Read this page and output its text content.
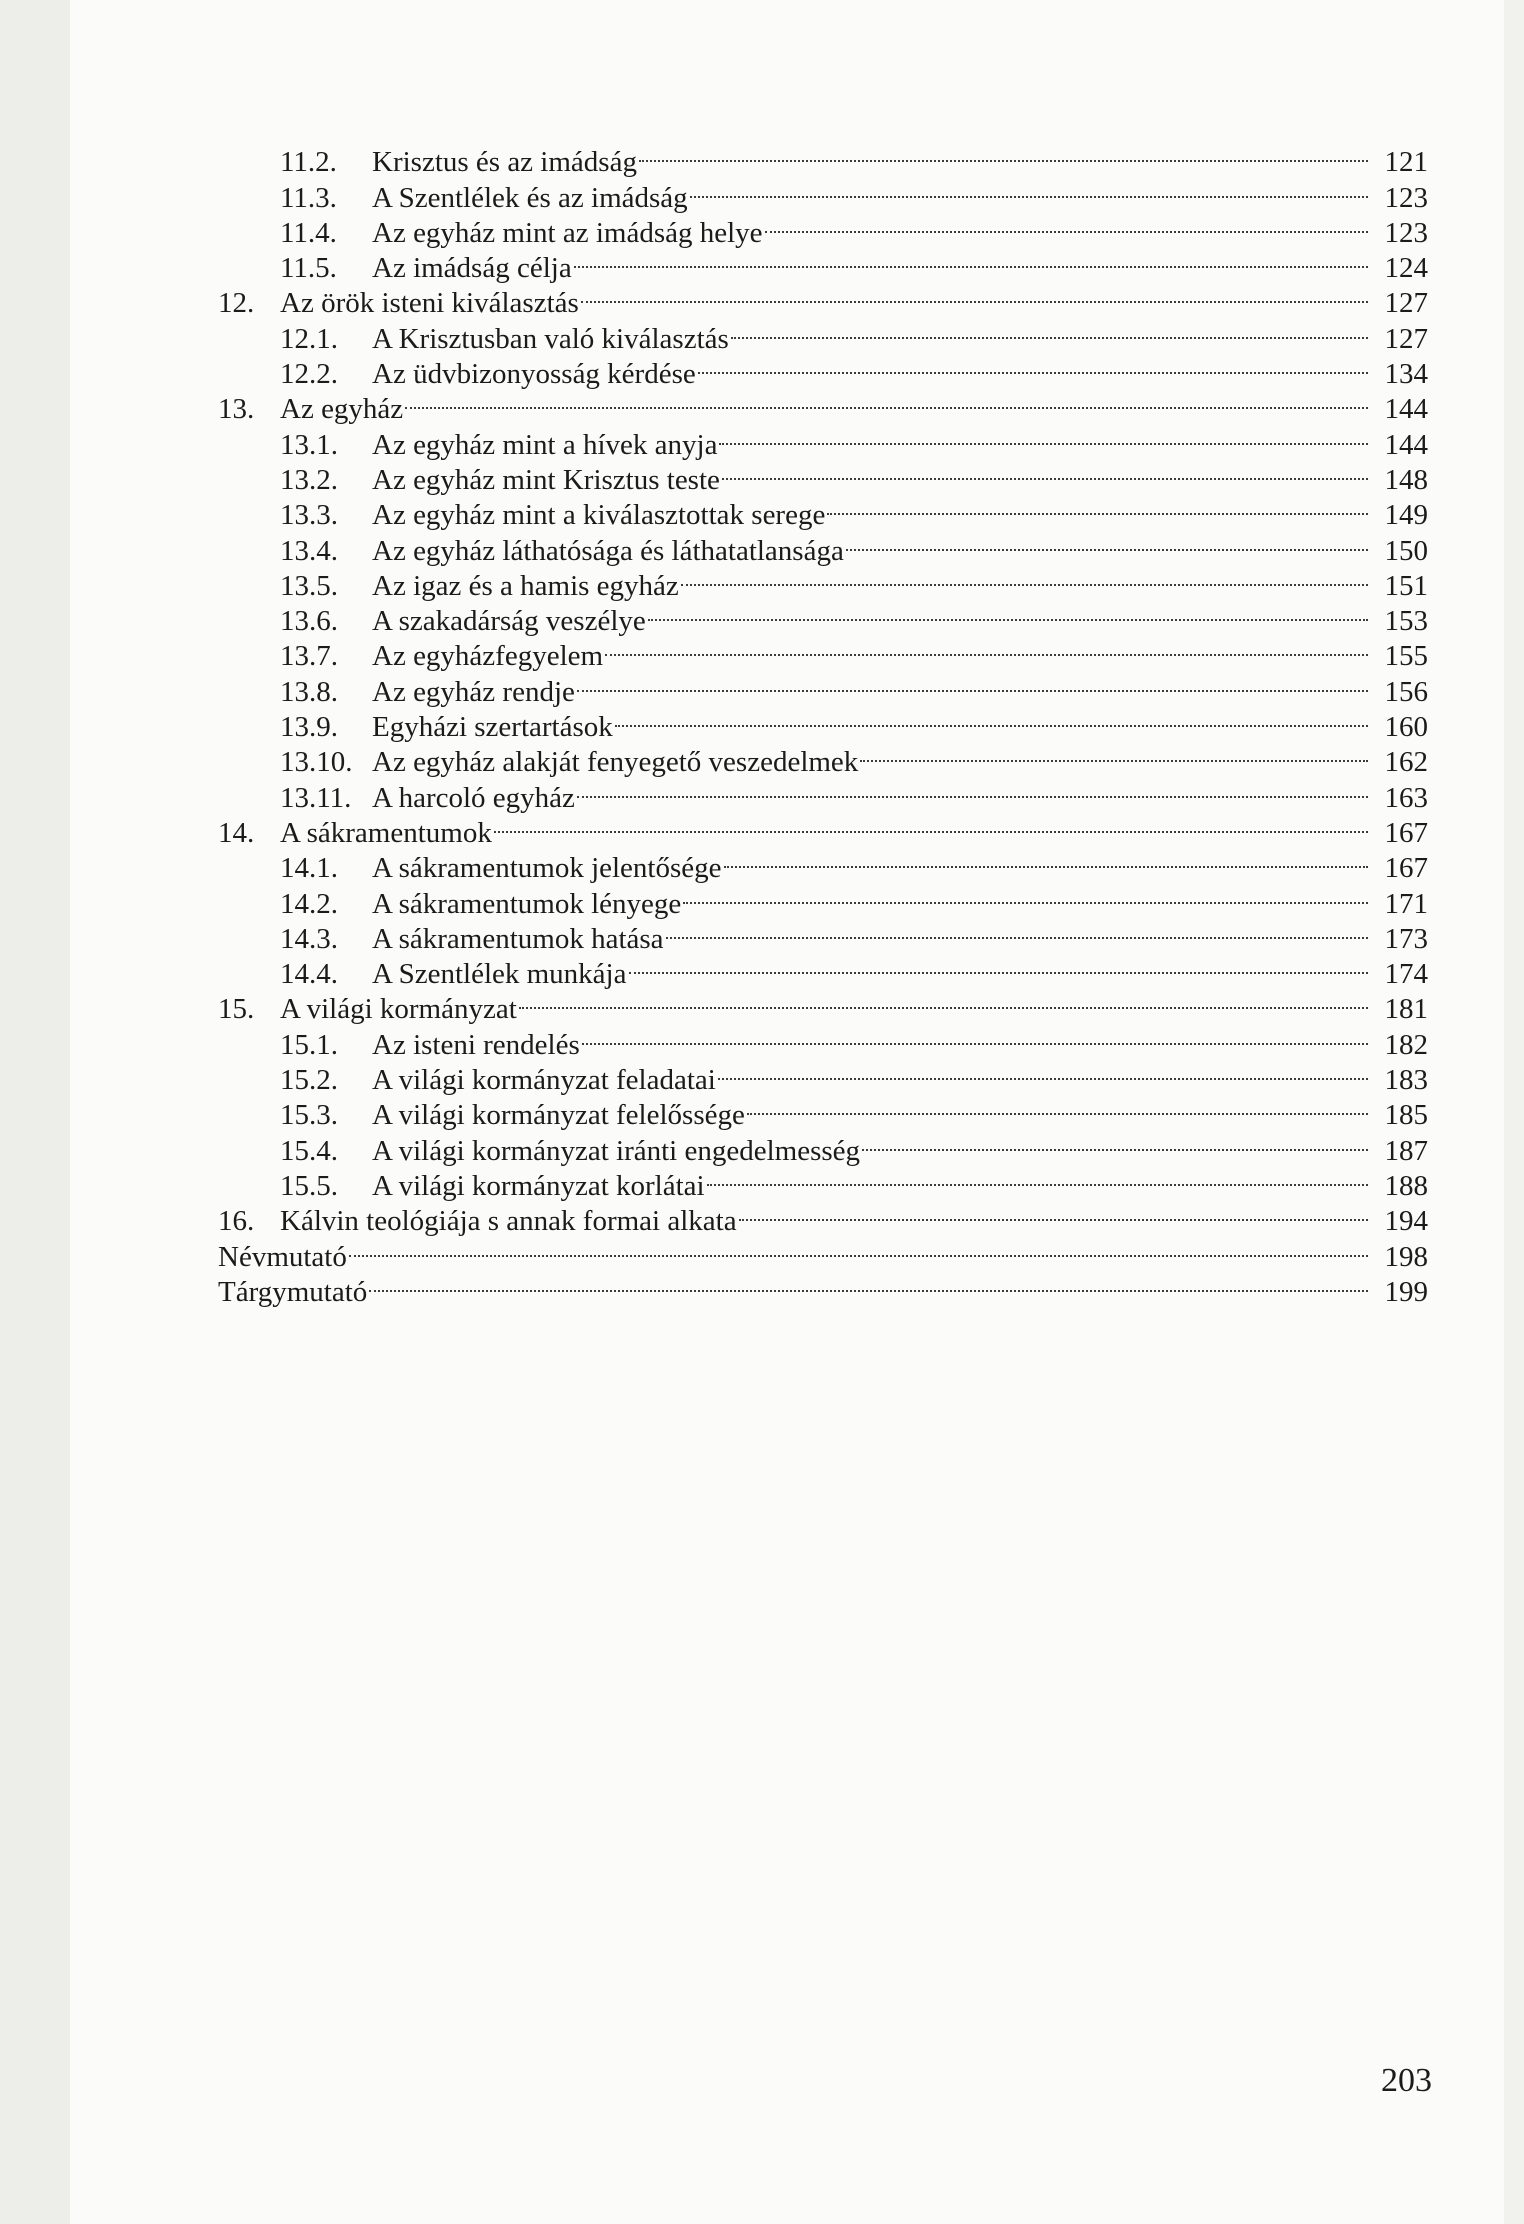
11.2.	Krisztus és az imádság	121
11.3.	A Szentlélek és az imádság	123
11.4.	Az egyház mint az imádság helye	123
11.5.	Az imádság célja	124
12. Az örök isteni kiválasztás	127
12.1.	A Krisztusban való kiválasztás	127
12.2.	Az üdvbizonyosság kérdése	134
13. Az egyház	144
13.1.	Az egyház mint a hívek anyja	144
13.2.	Az egyház mint Krisztus teste	148
13.3.	Az egyház mint a kiválasztottak serege	149
13.4.	Az egyház láthatósága és láthatatlansága	150
13.5.	Az igaz és a hamis egyház	151
13.6.	A szakadárság veszélye	153
13.7.	Az egyházfegyelem	155
13.8.	Az egyház rendje	156
13.9.	Egyházi szertartások	160
13.10. Az egyház alakját fenyegető veszedelmek	162
13.11. A harcoló egyház	163
14. A sákramentumok	167
14.1.	A sákramentumok jelentősége	167
14.2.	A sákramentumok lényege	171
14.3.	A sákramentumok hatása	173
14.4.	A Szentlélek munkája	174
15. A világi kormányzat	181
15.1.	Az isteni rendelés	182
15.2.	A világi kormányzat feladatai	183
15.3.	A világi kormányzat felelőssége	185
15.4.	A világi kormányzat iránti engedelmesség	187
15.5.	A világi kormányzat korlátai	188
16. Kálvin teológiája s annak formai alkata	194
Névmutató	198
Tárgymutató	199
203
